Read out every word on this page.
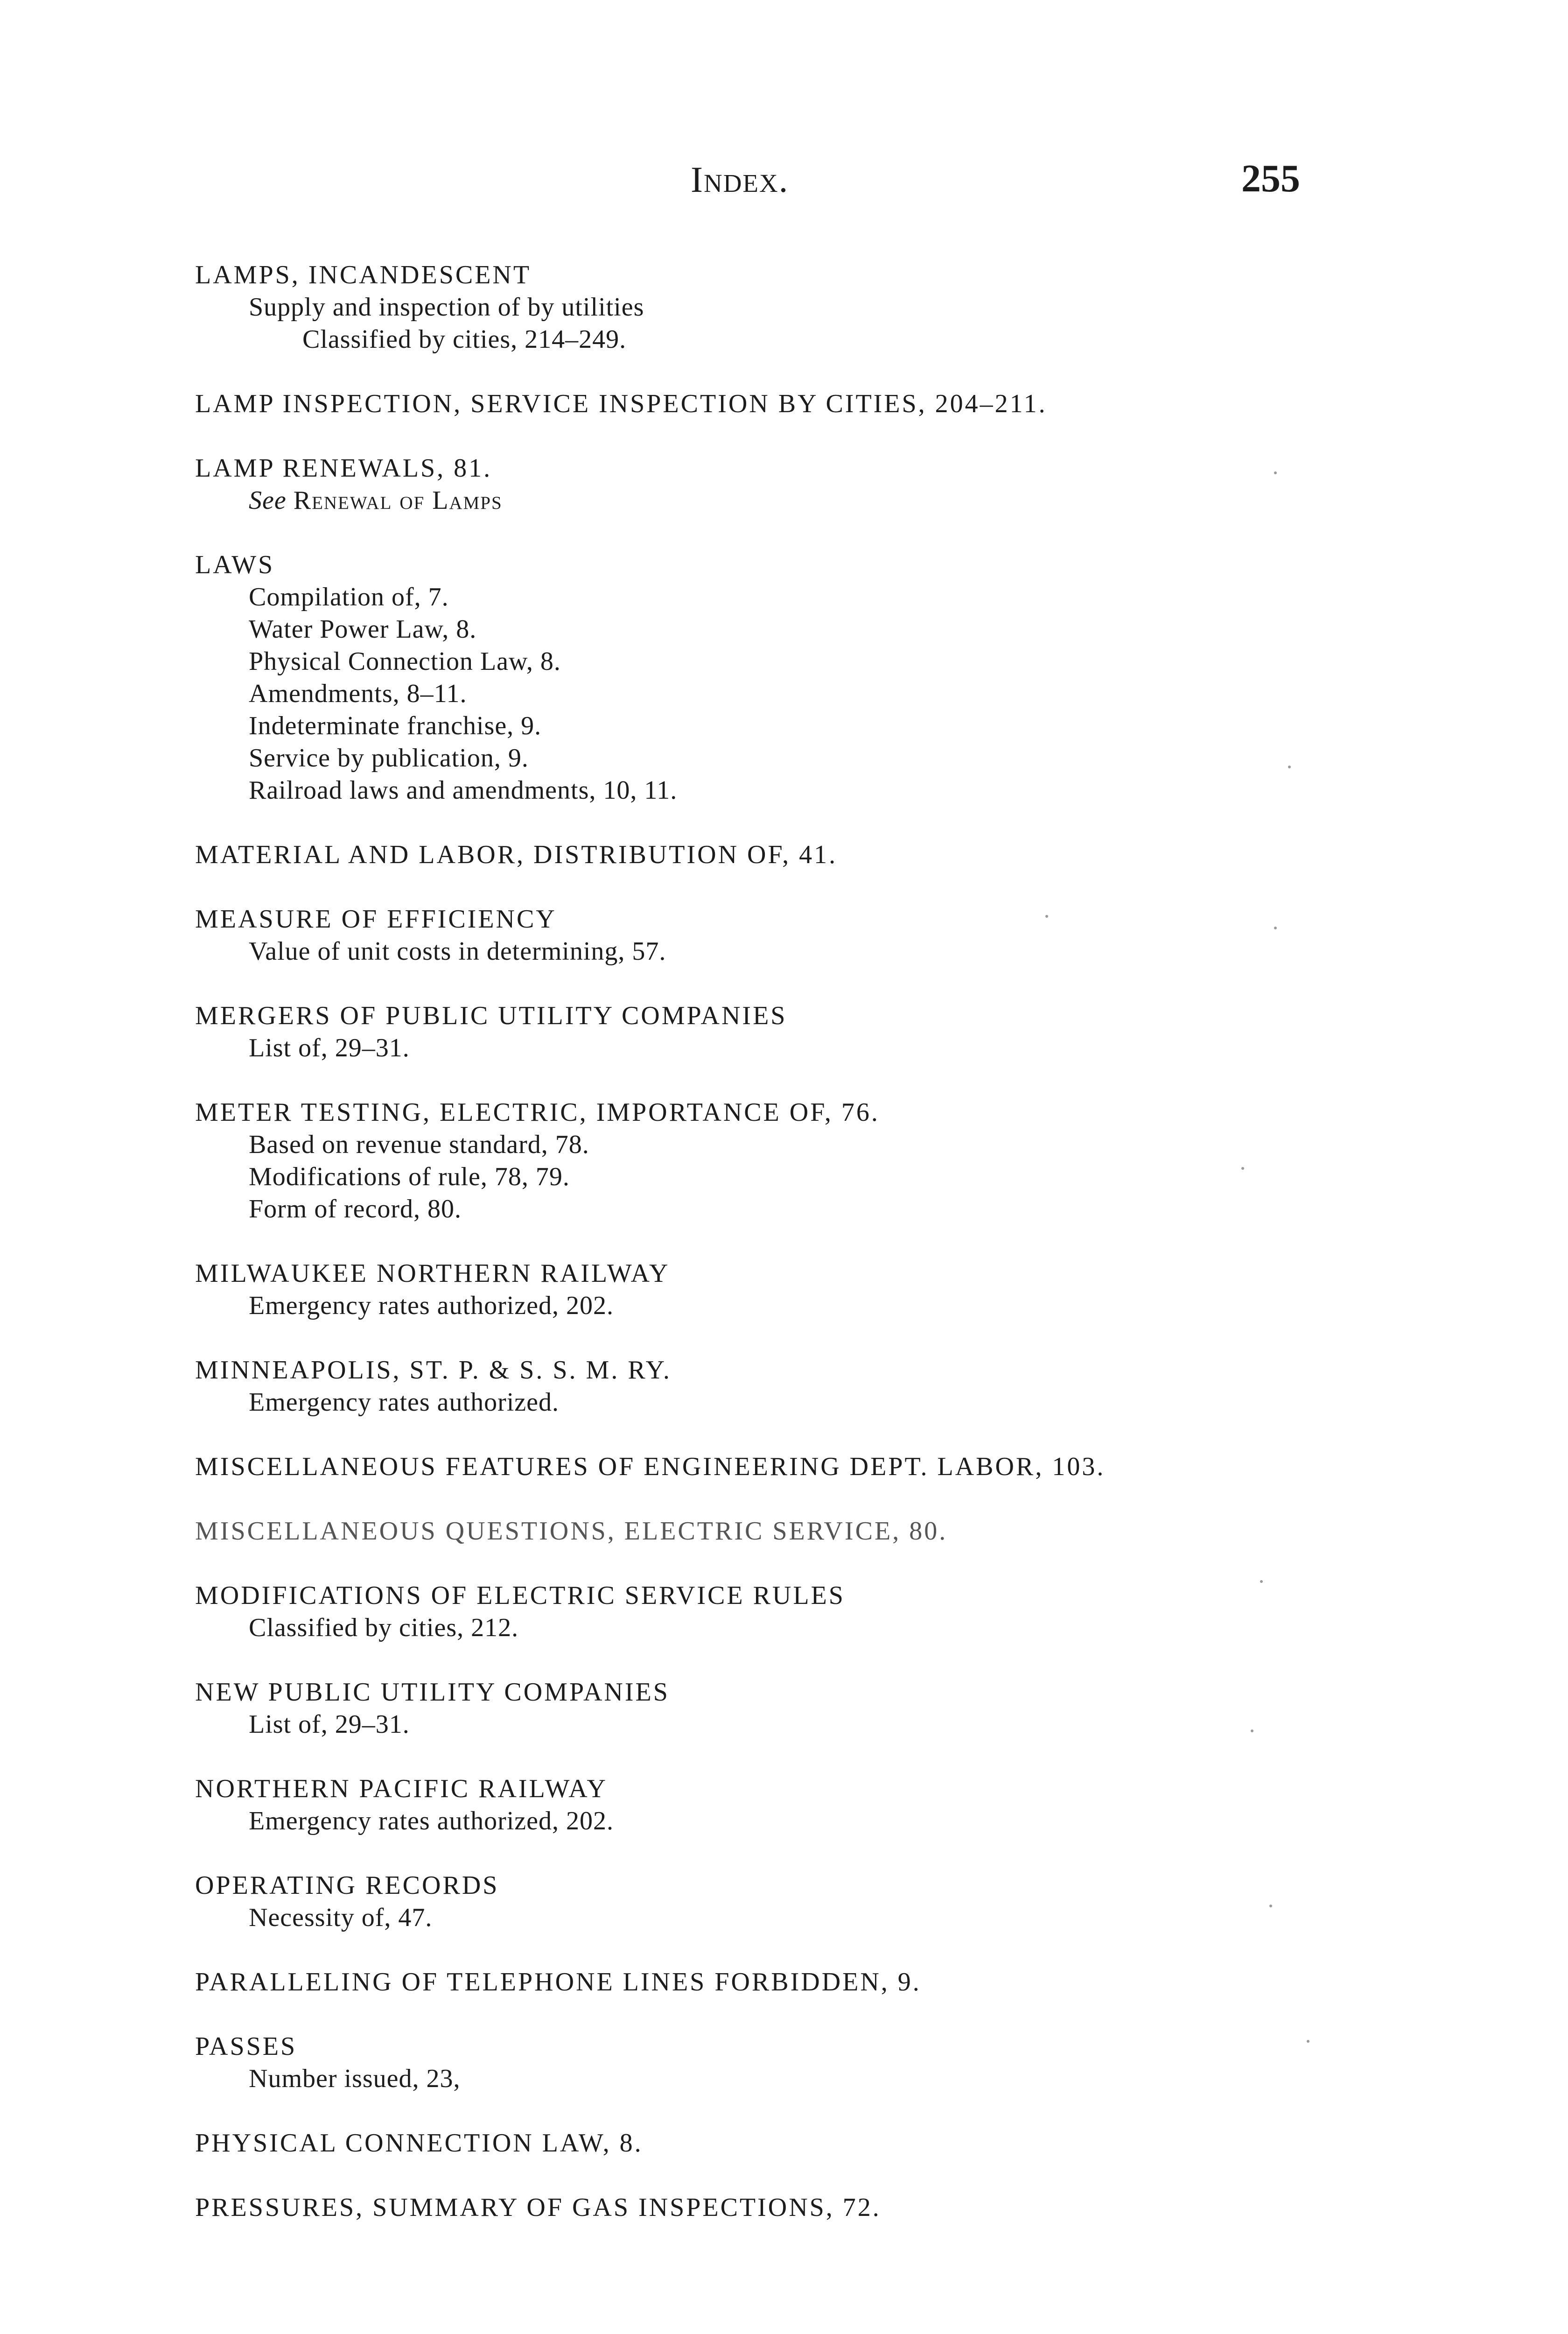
Index.	255
LAMPS, INCANDESCENT
Supply and inspection of by utilities
Classified by cities, 214–249.
LAMP INSPECTION, SERVICE INSPECTION BY CITIES, 204–211.
LAMP RENEWALS, 81.
See Renewal of Lamps
LAWS
Compilation of, 7.
Water Power Law, 8.
Physical Connection Law, 8.
Amendments, 8–11.
Indeterminate franchise, 9.
Service by publication, 9.
Railroad laws and amendments, 10, 11.
MATERIAL AND LABOR, DISTRIBUTION OF, 41.
MEASURE OF EFFICIENCY
Value of unit costs in determining, 57.
MERGERS OF PUBLIC UTILITY COMPANIES
List of, 29–31.
METER TESTING, ELECTRIC, IMPORTANCE OF, 76.
Based on revenue standard, 78.
Modifications of rule, 78, 79.
Form of record, 80.
MILWAUKEE NORTHERN RAILWAY
Emergency rates authorized, 202.
MINNEAPOLIS, ST. P. & S. S. M. RY.
Emergency rates authorized.
MISCELLANEOUS FEATURES OF ENGINEERING DEPT. LABOR, 103.
MISCELLANEOUS QUESTIONS, ELECTRIC SERVICE, 80.
MODIFICATIONS OF ELECTRIC SERVICE RULES
Classified by cities, 212.
NEW PUBLIC UTILITY COMPANIES
List of, 29–31.
NORTHERN PACIFIC RAILWAY
Emergency rates authorized, 202.
OPERATING RECORDS
Necessity of, 47.
PARALLELING OF TELEPHONE LINES FORBIDDEN, 9.
PASSES
Number issued, 23,
PHYSICAL CONNECTION LAW, 8.
PRESSURES, SUMMARY OF GAS INSPECTIONS, 72.
